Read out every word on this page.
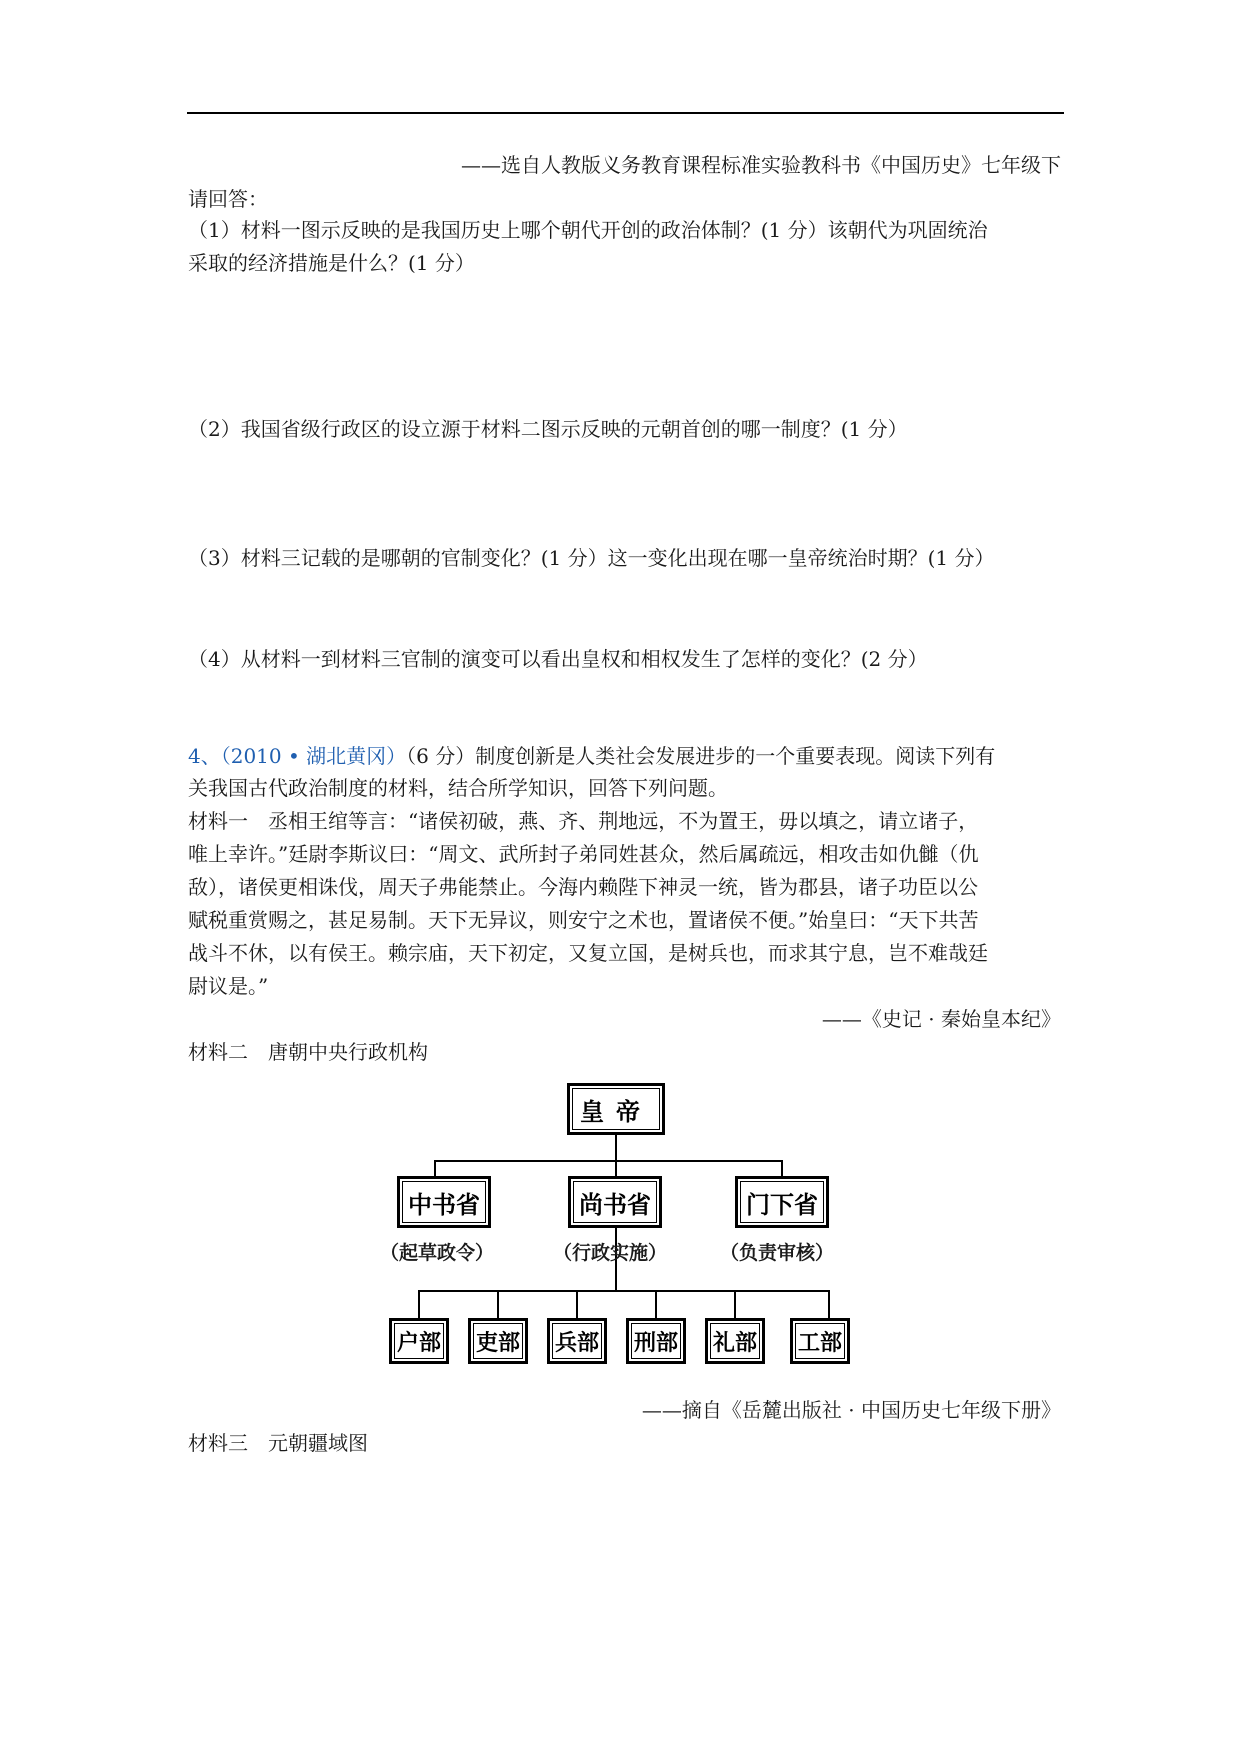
——选自人教版义务教育课程标准实验教科书《中国历史》七年级下
请回答：
（1）材料一图示反映的是我国历史上哪个朝代开创的政治体制？(1 分）该朝代为巩固统治
采取的经济措施是什么？(1 分）
（2）我国省级行政区的设立源于材料二图示反映的元朝首创的哪一制度？(1 分）
（3）材料三记载的是哪朝的官制变化？(1 分）这一变化出现在哪一皇帝统治时期？(1 分）
（4）从材料一到材料三官制的演变可以看出皇权和相权发生了怎样的变化？(2 分）
4、（2010 • 湖北黄冈）（6 分）制度创新是人类社会发展进步的一个重要表现。阅读下列有
关我国古代政治制度的材料，结合所学知识，回答下列问题。
材料一　丞相王绾等言：“诸侯初破，燕、齐、荆地远，不为置王，毋以填之，请立诸子，
唯上幸许。”廷尉李斯议曰：“周文、武所封子弟同姓甚众，然后属疏远，相攻击如仇雠（仇
敌），诸侯更相诛伐，周天子弗能禁止。今海内赖陛下神灵一统，皆为郡县，诸子功臣以公
赋税重赏赐之，甚足易制。天下无异议，则安宁之术也，置诸侯不便。”始皇曰：“天下共苦
战斗不休，以有侯王。赖宗庙，天下初定，又复立国，是树兵也，而求其宁息，岂不难哉廷
尉议是。”
——《史记 · 秦始皇本纪》
材料二　唐朝中央行政机构
皇帝
中书省	尚书省	门下省
（起草政令）	（行政实施）	（负责审核）
户部 吏部 兵部 刑部 礼部 工部
——摘自《岳麓出版社 · 中国历史七年级下册》
材料三　元朝疆域图
